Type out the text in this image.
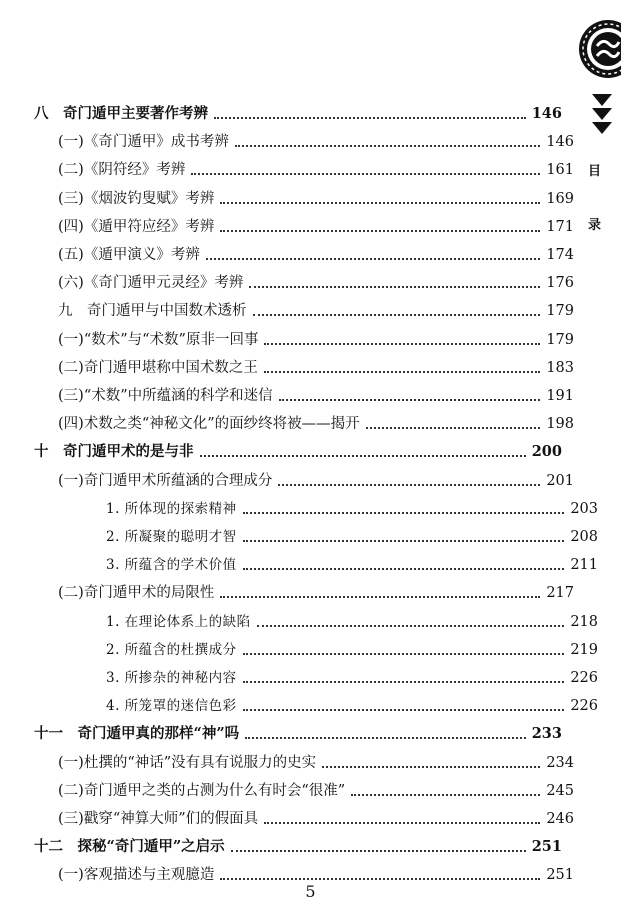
目
录
八　奇门遁甲主要著作考辨	146
(一)《奇门遁甲》成书考辨	146
(二)《阴符经》考辨	161
(三)《烟波钓叟赋》考辨	169
(四)《遁甲符应经》考辨	171
(五)《遁甲演义》考辨	174
(六)《奇门遁甲元灵经》考辨	176
九　奇门遁甲与中国数术透析	179
(一)“数术”与“术数”原非一回事	179
(二)奇门遁甲堪称中国术数之王	183
(三)“术数”中所蕴涵的科学和迷信	191
(四)术数之类“神秘文化”的面纱终将被——揭开	198
十　奇门遁甲术的是与非	200
(一)奇门遁甲术所蕴涵的合理成分	201
1. 所体现的探索精神	203
2. 所凝聚的聪明才智	208
3. 所蕴含的学术价值	211
(二)奇门遁甲术的局限性	217
1. 在理论体系上的缺陷	218
2. 所蕴含的杜撰成分	219
3. 所掺杂的神秘内容	226
4. 所笼罩的迷信色彩	226
十一　奇门遁甲真的那样“神”吗	233
(一)杜撰的“神话”没有具有说服力的史实	234
(二)奇门遁甲之类的占测为什么有时会“很准”	245
(三)戳穿“神算大师”们的假面具	246
十二　探秘“奇门遁甲”之启示	251
(一)客观描述与主观臆造	251
5
